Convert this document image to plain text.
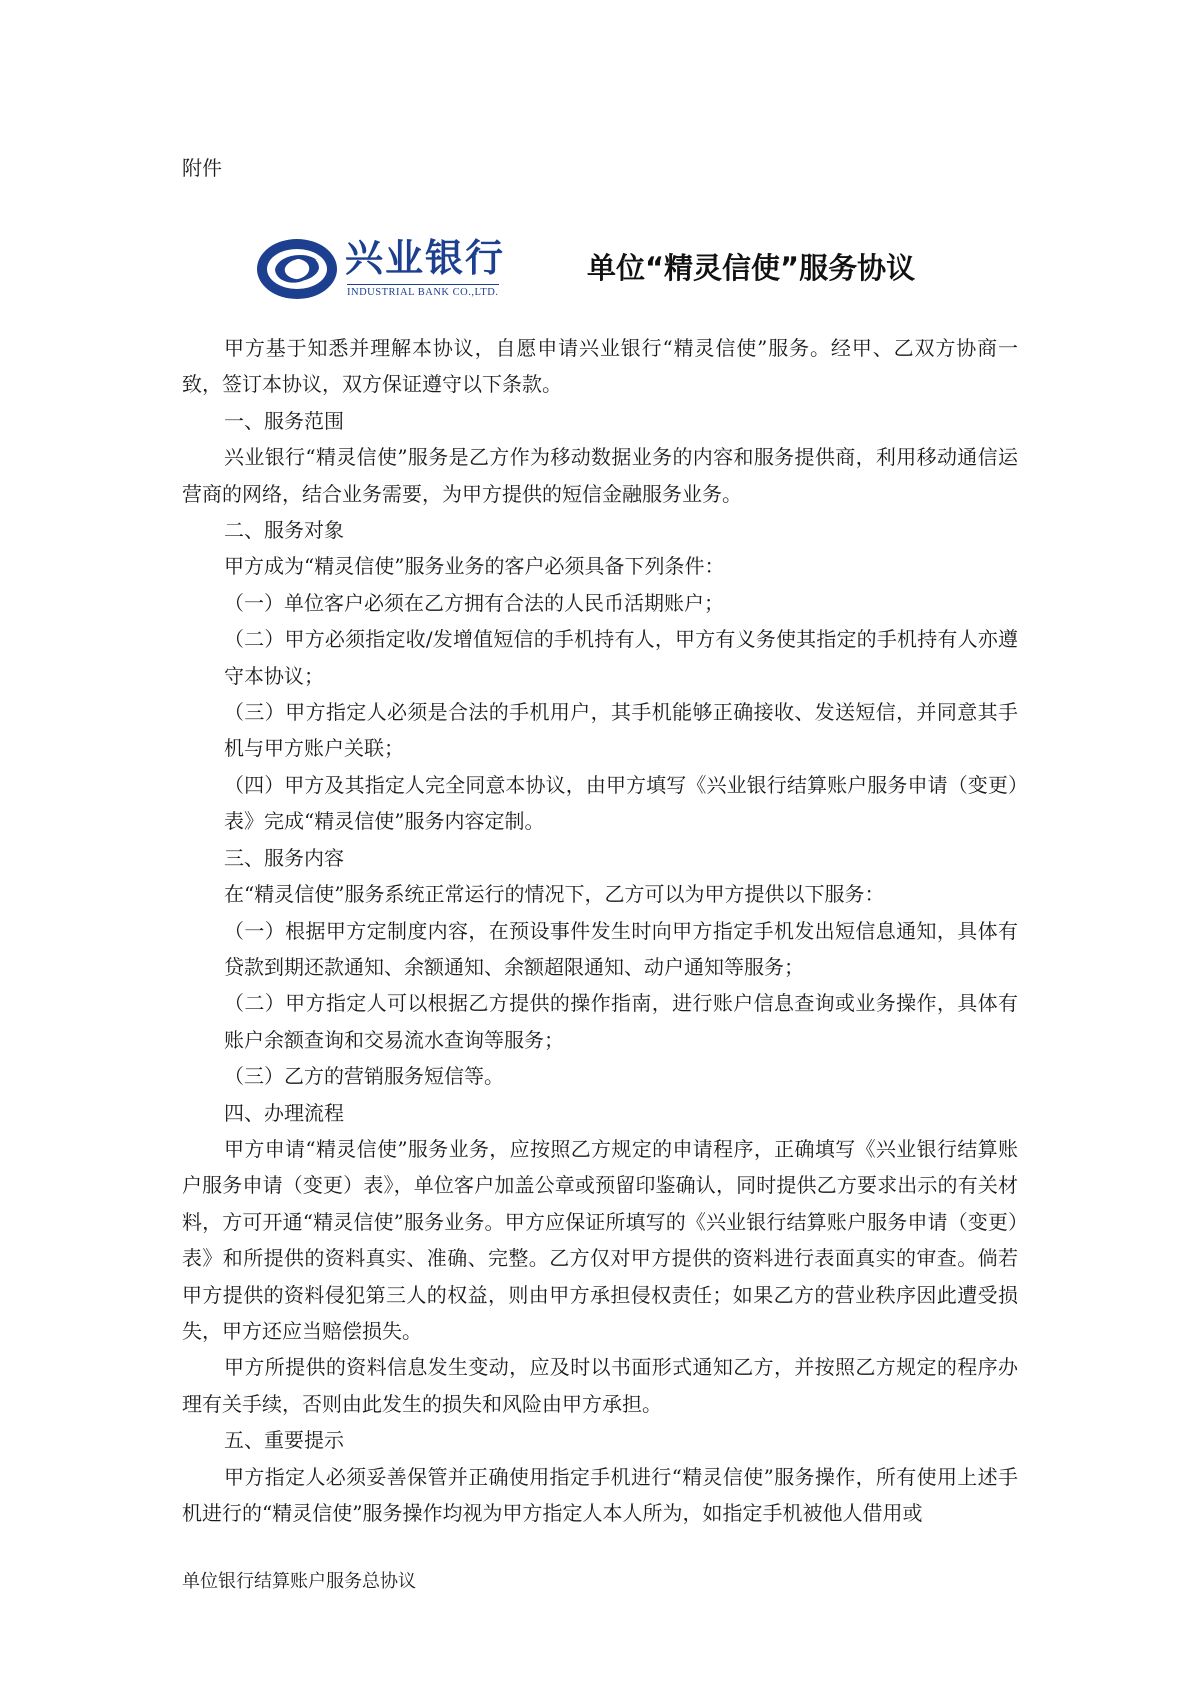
附件

兴业银行
INDUSTRIAL BANK CO.,LTD.
单位“精灵信使”服务协议

甲方基于知悉并理解本协议，自愿申请兴业银行“精灵信使”服务。经甲、乙双方协商一致，签订本协议，双方保证遵守以下条款。

一、服务范围

兴业银行“精灵信使”服务是乙方作为移动数据业务的内容和服务提供商，利用移动通信运营商的网络，结合业务需要，为甲方提供的短信金融服务业务。

二、服务对象

甲方成为“精灵信使”服务业务的客户必须具备下列条件：

（一）单位客户必须在乙方拥有合法的人民币活期账户；

（二）甲方必须指定收/发增值短信的手机持有人，甲方有义务使其指定的手机持有人亦遵守本协议；

（三）甲方指定人必须是合法的手机用户，其手机能够正确接收、发送短信，并同意其手机与甲方账户关联；

（四）甲方及其指定人完全同意本协议，由甲方填写《兴业银行结算账户服务申请（变更）表》完成“精灵信使”服务内容定制。

三、服务内容

在“精灵信使”服务系统正常运行的情况下，乙方可以为甲方提供以下服务：

（一）根据甲方定制度内容，在预设事件发生时向甲方指定手机发出短信息通知，具体有贷款到期还款通知、余额通知、余额超限通知、动户通知等服务；

（二）甲方指定人可以根据乙方提供的操作指南，进行账户信息查询或业务操作，具体有账户余额查询和交易流水查询等服务；

（三）乙方的营销服务短信等。

四、办理流程

甲方申请“精灵信使”服务业务，应按照乙方规定的申请程序，正确填写《兴业银行结算账户服务申请（变更）表》，单位客户加盖公章或预留印鉴确认，同时提供乙方要求出示的有关材料，方可开通“精灵信使”服务业务。甲方应保证所填写的《兴业银行结算账户服务申请（变更）表》和所提供的资料真实、准确、完整。乙方仅对甲方提供的资料进行表面真实的审查。倘若甲方提供的资料侵犯第三人的权益，则由甲方承担侵权责任；如果乙方的营业秩序因此遭受损失，甲方还应当赔偿损失。

甲方所提供的资料信息发生变动，应及时以书面形式通知乙方，并按照乙方规定的程序办理有关手续，否则由此发生的损失和风险由甲方承担。

五、重要提示

甲方指定人必须妥善保管并正确使用指定手机进行“精灵信使”服务操作，所有使用上述手机进行的“精灵信使”服务操作均视为甲方指定人本人所为，如指定手机被他人借用或

单位银行结算账户服务总协议
